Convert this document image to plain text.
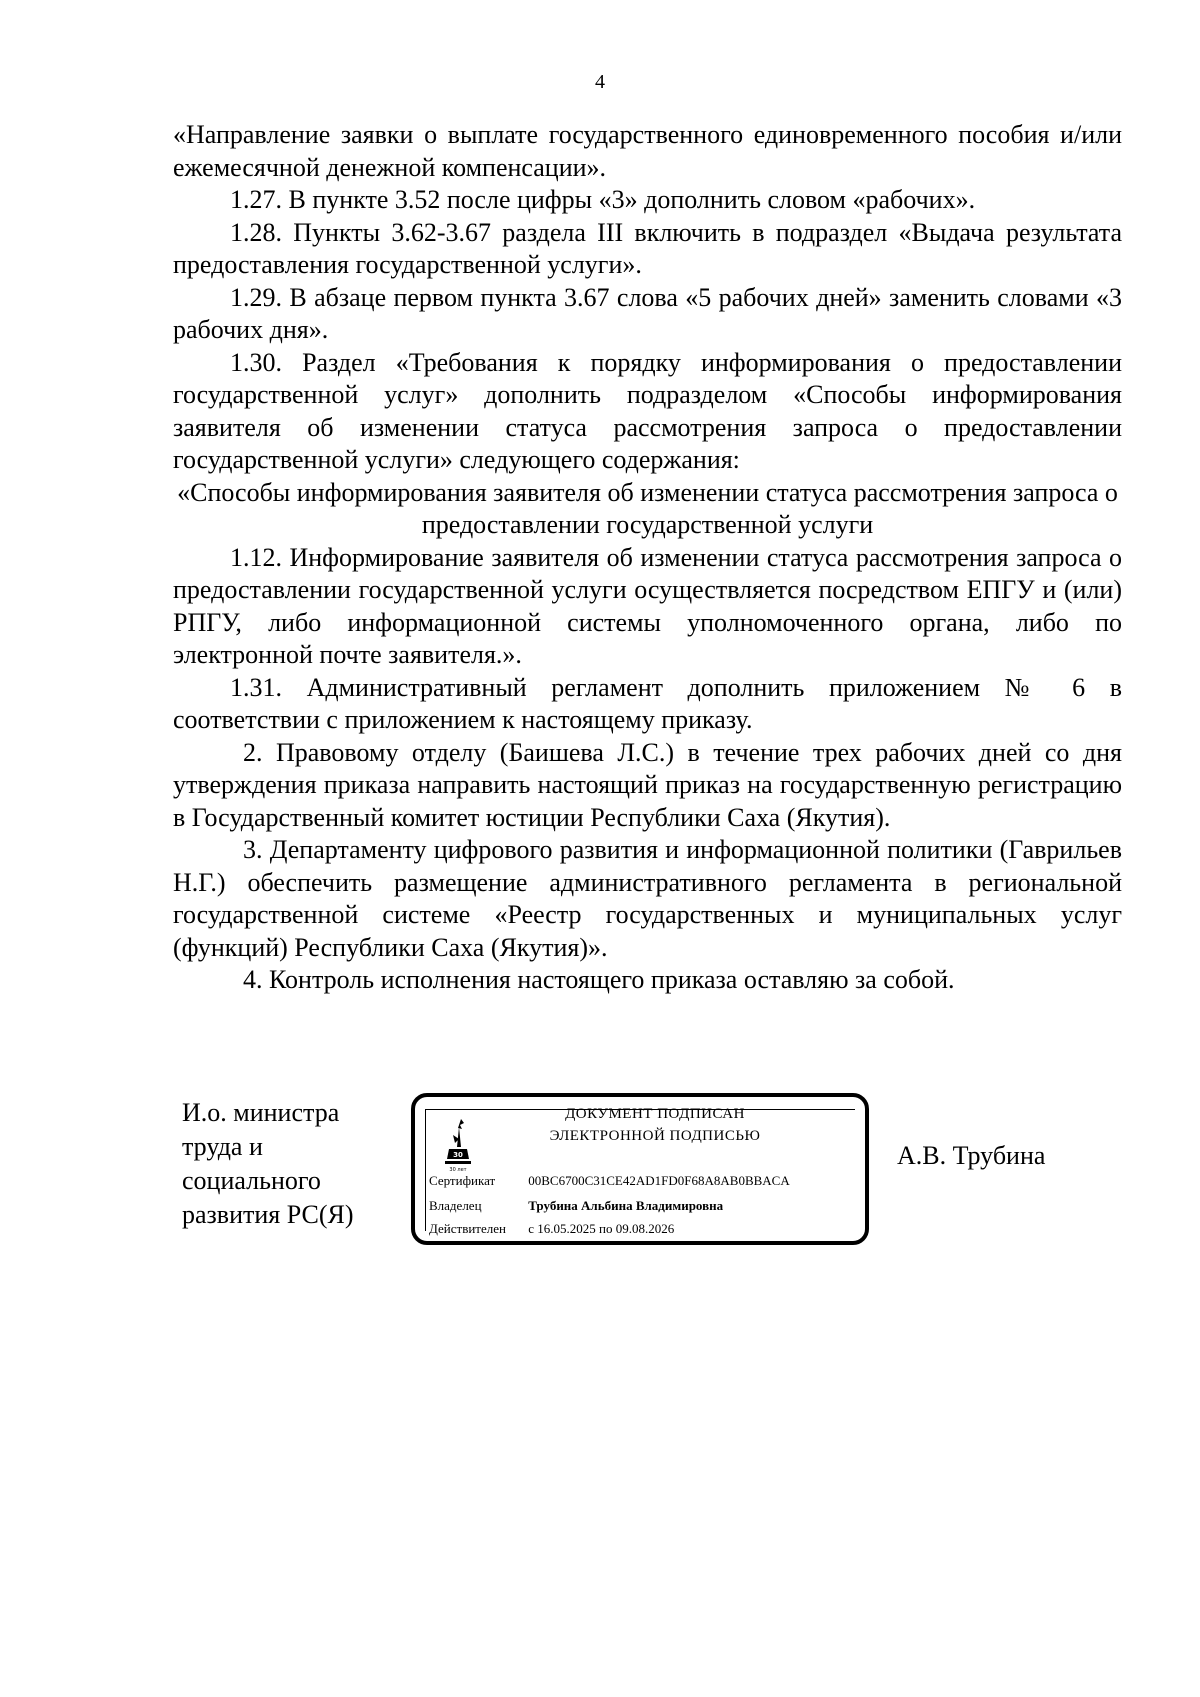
4

«Направление заявки о выплате государственного единовременного пособия и/или ежемесячной денежной компенсации».

1.27. В пункте 3.52 после цифры «3» дополнить словом «рабочих».

1.28. Пункты 3.62-3.67 раздела III включить в подраздел «Выдача результата предоставления государственной услуги».

1.29. В абзаце первом пункта 3.67 слова «5 рабочих дней» заменить словами «3 рабочих дня».

1.30. Раздел «Требования к порядку информирования о предоставлении государственной услуг» дополнить подразделом «Способы информирования заявителя об изменении статуса рассмотрения запроса о предоставлении государственной услуги» следующего содержания:

«Способы информирования заявителя об изменении статуса рассмотрения запроса о предоставлении государственной услуги

1.12. Информирование заявителя об изменении статуса рассмотрения запроса о предоставлении государственной услуги осуществляется посредством ЕПГУ и (или) РПГУ, либо информационной системы уполномоченного органа, либо по электронной почте заявителя.».

1.31. Административный регламент дополнить приложением № 6 в соответствии с приложением к настоящему приказу.

2. Правовому отделу (Баишева Л.С.) в течение трех рабочих дней со дня утверждения приказа направить настоящий приказ на государственную регистрацию в Государственный комитет юстиции Республики Саха (Якутия).

3. Департаменту цифрового развития и информационной политики (Гаврильев Н.Г.) обеспечить размещение административного регламента в региональной государственной системе «Реестр государственных и муниципальных услуг (функций) Республики Саха (Якутия)».

4. Контроль исполнения настоящего приказа оставляю за собой.

И.о. министра
труда и
социального
развития РС(Я)
30
30 лет
ДОКУМЕНТ ПОДПИСАН
ЭЛЕКТРОННОЙ ПОДПИСЬЮ
Сертификат	00BC6700C31CE42AD1FD0F68A8AB0BBACA
Владелец	Трубина Альбина Владимировна
Действителен с 16.05.2025 по 09.08.2026
А.В. Трубина
